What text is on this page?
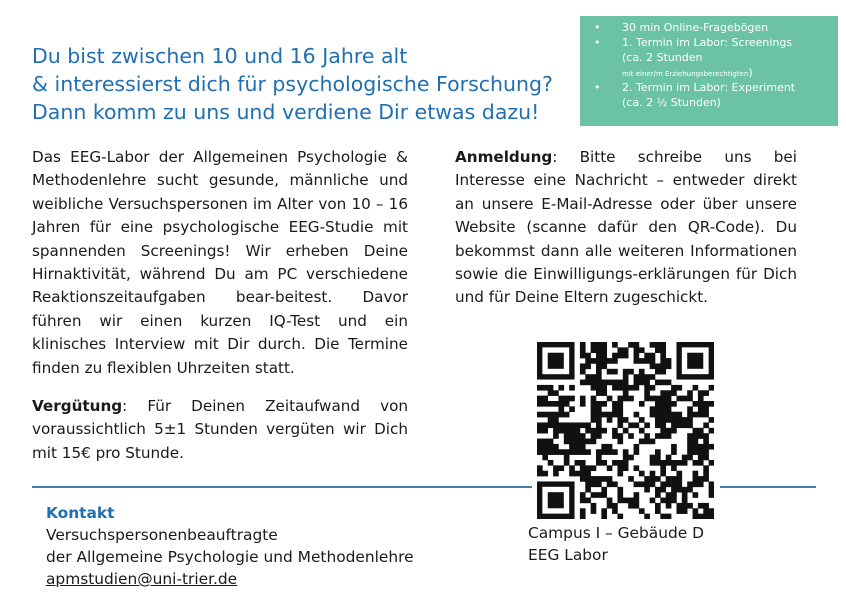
Du bist zwischen 10 und 16 Jahre alt
& interessierst dich für psychologische Forschung?
Dann komm zu uns und verdiene Dir etwas dazu!
• 30 min Online-Fragebögen
• 1. Termin im Labor: Screenings
(ca. 2 Stunden
mit einer/m Erziehungsberechtigten)
• 2. Termin im Labor: Experiment
(ca. 2 ½ Stunden)

Das EEG-Labor der Allgemeinen Psychologie & Methodenlehre sucht gesunde, männliche und weibliche Versuchspersonen im Alter von 10 – 16 Jahren für eine psychologische EEG-Studie mit spannenden Screenings! Wir erheben Deine Hirnaktivität, während Du am PC verschiedene Reaktionszeitaufgaben bear-beitest. Davor führen wir einen kurzen IQ-Test und ein klinisches Interview mit Dir durch. Die Termine finden zu flexiblen Uhrzeiten statt.

Vergütung: Für Deinen Zeitaufwand von voraussichtlich 5±1 Stunden vergüten wir Dich mit 15€ pro Stunde.

Anmeldung: Bitte schreibe uns bei Interesse eine Nachricht – entweder direkt an unsere E-Mail-Adresse oder über unsere Website (scanne dafür den QR-Code). Du bekommst dann alle weiteren Informationen sowie die Einwilligungs-erklärungen für Dich und für Deine Eltern zugeschickt.

Kontakt
Versuchspersonenbeauftragte
der Allgemeine Psychologie und Methodenlehre
apmstudien@uni-trier.de
Campus I – Gebäude D
EEG Labor
